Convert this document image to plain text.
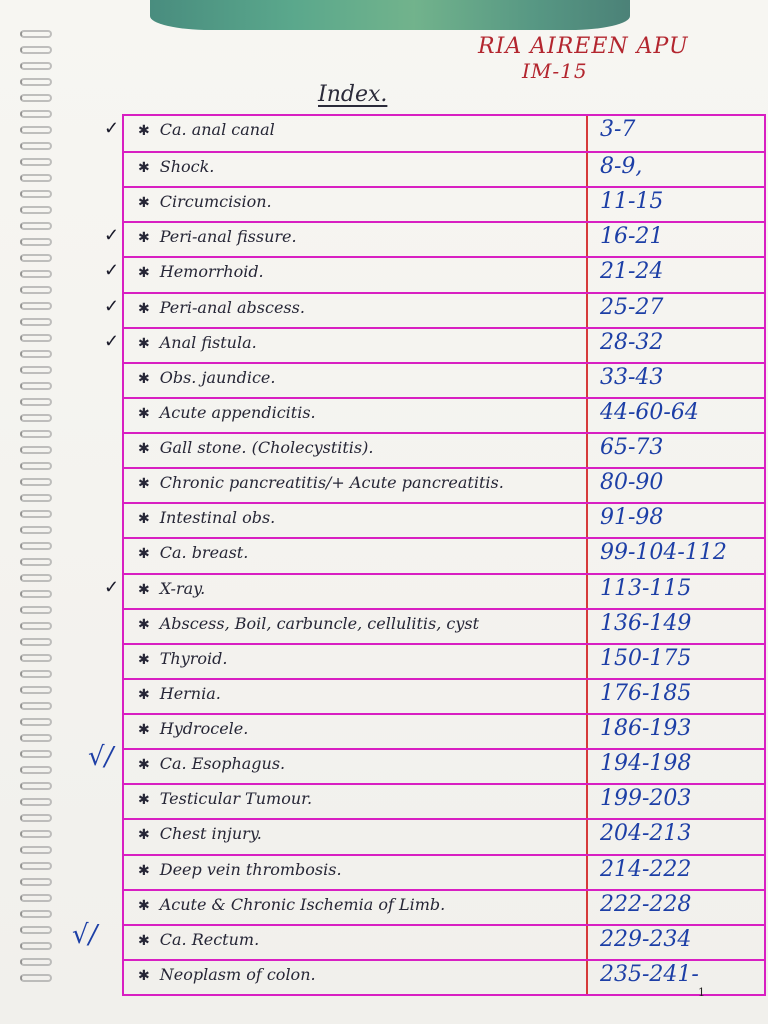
RIA AIREEN APU
IM-15
Index.
✓ ✱ Ca. anal canal	3-7
✱ Shock.	8-9,
✱ Circumcision.	11-15
✓ ✱ Peri-anal fissure.	16-21
✓ ✱ Hemorrhoid.	21-24
✓ ✱ Peri-anal abscess.	25-27
✓ ✱ Anal fistula.	28-32
✱ Obs. jaundice.	33-43
✱ Acute appendicitis.	44-60-64
✱ Gall stone. (Cholecystitis).	65-73
✱ Chronic pancreatitis/+ Acute pancreatitis.	80-90
✱ Intestinal obs.	91-98
✱ Ca. breast.	99-104-112
✓ ✱ X-ray.	113-115
✱ Abscess, Boil, carbuncle, cellulitis, cyst	136-149
✱ Thyroid.	150-175
✱ Hernia.	176-185
✱ Hydrocele.	186-193
✱ Ca. Esophagus.	194-198
✱ Testicular Tumour.	199-203
✱ Chest injury.	204-213
✱ Deep vein thrombosis.	214-222
✱ Acute & Chronic Ischemia of Limb.	222-228
✱ Ca. Rectum.	229-234
✱ Neoplasm of colon.	235-241-
√/
√/
1
